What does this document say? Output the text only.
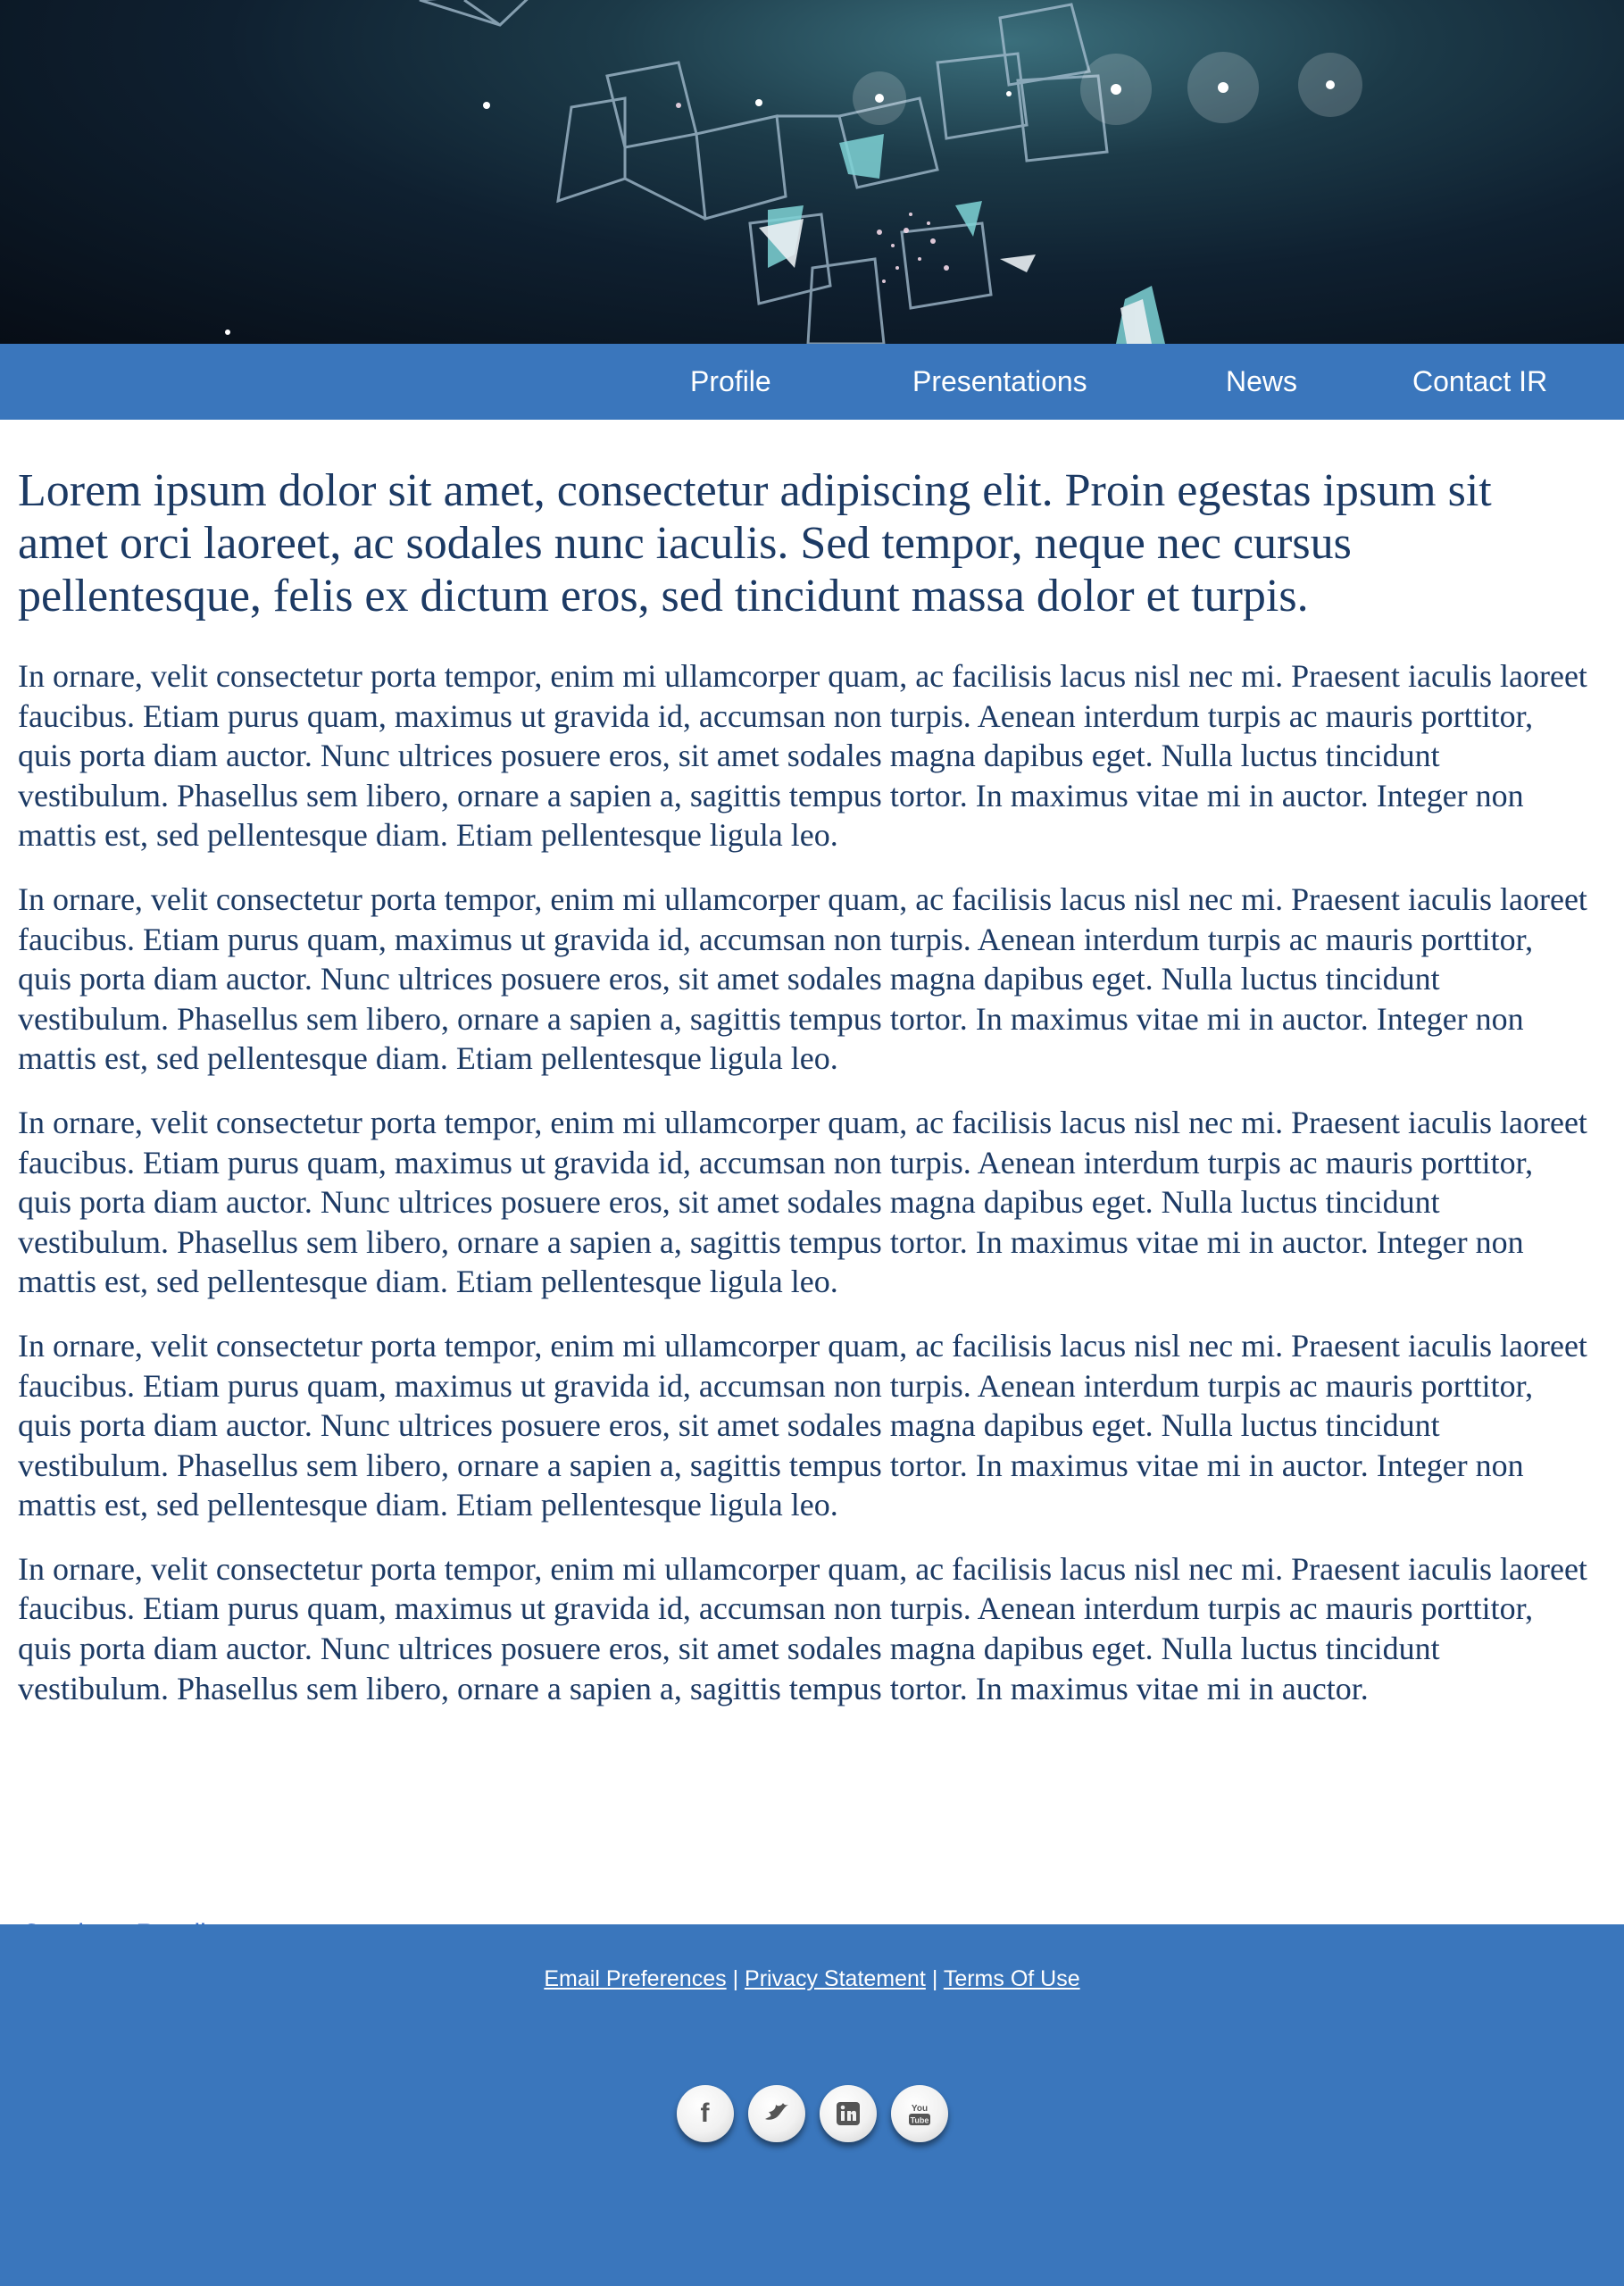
Profile	Presentations	News	Contact IR
Lorem ipsum dolor sit amet, consectetur adipiscing elit. Proin egestas ipsum sit amet orci laoreet, ac sodales nunc iaculis. Sed tempor, neque nec cursus pellentesque, felis ex dictum eros, sed tincidunt massa dolor et turpis.

In ornare, velit consectetur porta tempor, enim mi ullamcorper quam, ac facilisis lacus nisl nec mi. Praesent iaculis laoreet faucibus. Etiam purus quam, maximus ut gravida id, accumsan non turpis. Aenean interdum turpis ac mauris porttitor, quis porta diam auctor. Nunc ultrices posuere eros, sit amet sodales magna dapibus eget. Nulla luctus tincidunt vestibulum. Phasellus sem libero, ornare a sapien a, sagittis tempus tortor. In maximus vitae mi in auctor. Integer non mattis est, sed pellentesque diam. Etiam pellentesque ligula leo.

In ornare, velit consectetur porta tempor, enim mi ullamcorper quam, ac facilisis lacus nisl nec mi. Praesent iaculis laoreet faucibus. Etiam purus quam, maximus ut gravida id, accumsan non turpis. Aenean interdum turpis ac mauris porttitor, quis porta diam auctor. Nunc ultrices posuere eros, sit amet sodales magna dapibus eget. Nulla luctus tincidunt vestibulum. Phasellus sem libero, ornare a sapien a, sagittis tempus tortor. In maximus vitae mi in auctor. Integer non mattis est, sed pellentesque diam. Etiam pellentesque ligula leo.

In ornare, velit consectetur porta tempor, enim mi ullamcorper quam, ac facilisis lacus nisl nec mi. Praesent iaculis laoreet faucibus. Etiam purus quam, maximus ut gravida id, accumsan non turpis. Aenean interdum turpis ac mauris porttitor, quis porta diam auctor. Nunc ultrices posuere eros, sit amet sodales magna dapibus eget. Nulla luctus tincidunt vestibulum. Phasellus sem libero, ornare a sapien a, sagittis tempus tortor. In maximus vitae mi in auctor. Integer non mattis est, sed pellentesque diam. Etiam pellentesque ligula leo.

In ornare, velit consectetur porta tempor, enim mi ullamcorper quam, ac facilisis lacus nisl nec mi. Praesent iaculis laoreet faucibus. Etiam purus quam, maximus ut gravida id, accumsan non turpis. Aenean interdum turpis ac mauris porttitor, quis porta diam auctor. Nunc ultrices posuere eros, sit amet sodales magna dapibus eget. Nulla luctus tincidunt vestibulum. Phasellus sem libero, ornare a sapien a, sagittis tempus tortor. In maximus vitae mi in auctor. Integer non mattis est, sed pellentesque diam. Etiam pellentesque ligula leo.

In ornare, velit consectetur porta tempor, enim mi ullamcorper quam, ac facilisis lacus nisl nec mi. Praesent iaculis laoreet faucibus. Etiam purus quam, maximus ut gravida id, accumsan non turpis. Aenean interdum turpis ac mauris porttitor, quis porta diam auctor. Nunc ultrices posuere eros, sit amet sodales magna dapibus eget. Nulla luctus tincidunt vestibulum. Phasellus sem libero, ornare a sapien a, sagittis tempus tortor. In maximus vitae mi in auctor.

Email Preferences | Privacy Statement | Terms Of Use
f	You
Tube
